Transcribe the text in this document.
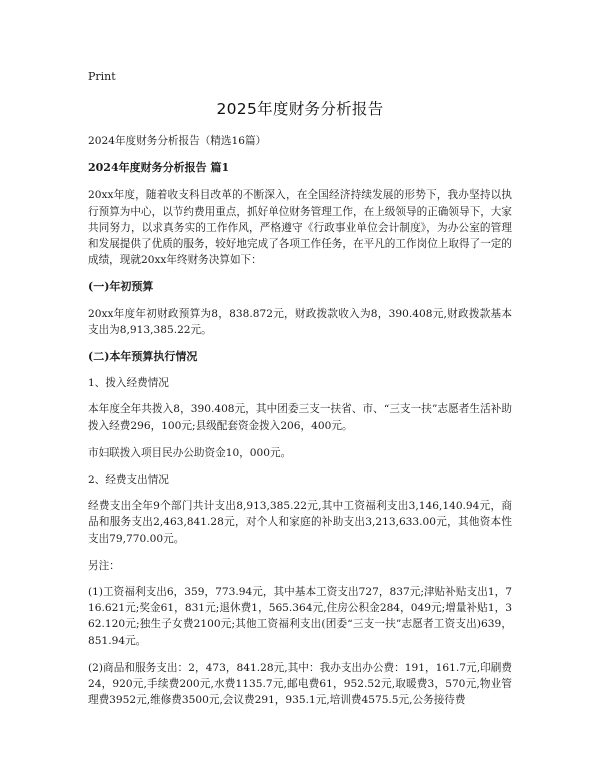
Print
2025年度财务分析报告

2024年度财务分析报告（精选16篇）

2024年度财务分析报告 篇1

20xx年度，随着收支科目改革的不断深入，在全国经济持续发展的形势下，我办坚持以执行预算为中心，以节约费用重点，抓好单位财务管理工作，在上级领导的正确领导下，大家共同努力，以求真务实的工作作风，严格遵守《行政事业单位会计制度》，为办公室的管理和发展提供了优质的服务，较好地完成了各项工作任务，在平凡的工作岗位上取得了一定的成绩，现就20xx年终财务决算如下：

(一)年初预算

20xx年度年初财政预算为8，838.872元，财政拨款收入为8，390.408元,财政拨款基本支出为8,913,385.22元。

(二)本年预算执行情况

1、拨入经费情况

本年度全年共拨入8，390.408元，其中团委三支一扶省、市、“三支一扶”志愿者生活补助拨入经费296，100元;县级配套资金拨入206，400元。

市妇联拨入项目民办公助资金10，000元。

2、经费支出情况

经费支出全年9个部门共计支出8,913,385.22元,其中工资福利支出3,146,140.94元，商品和服务支出2,463,841.28元，对个人和家庭的补助支出3,213,633.00元，其他资本性支出79,770.00元。

另注：

(1)工资福利支出6，359，773.94元，其中基本工资支出727，837元;津贴补贴支出1，716.621元;奖金61，831元;退休费1，565.364元,住房公积金284，049元;增量补贴1，362.120元;独生子女费2100元;其他工资福利支出(团委“三支一扶”志愿者工资支出)639，851.94元。

(2)商品和服务支出：2，473，841.28元,其中：我办支出办公费：191，161.7元,印刷费24，920元,手续费200元,水费1135.7元,邮电费61，952.52元,取暖费3，570元,物业管理费3952元,维修费3500元,会议费291，935.1元,培训费4575.5元,公务接待费
